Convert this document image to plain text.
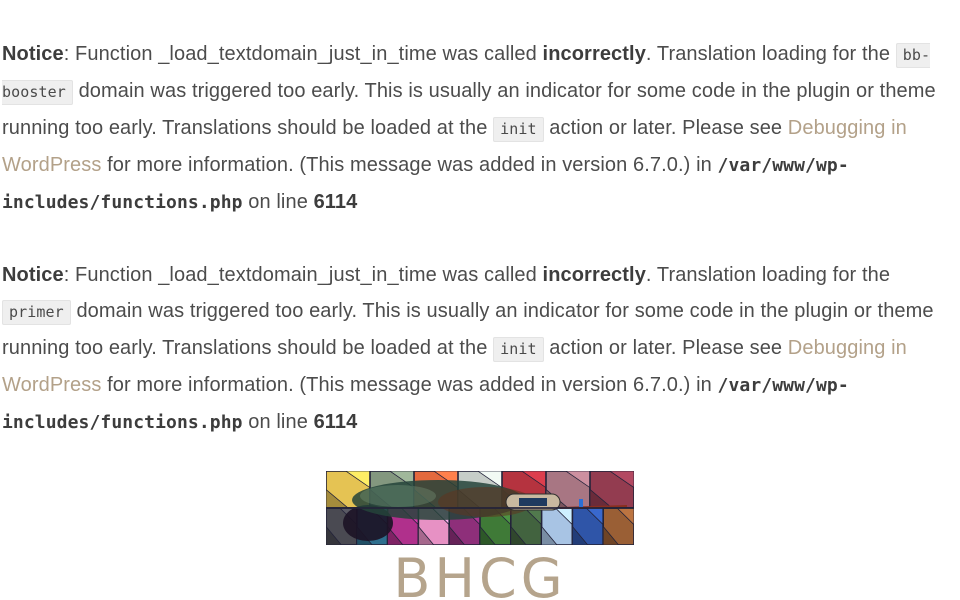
Notice: Function _load_textdomain_just_in_time was called incorrectly. Translation loading for the bb-booster domain was triggered too early. This is usually an indicator for some code in the plugin or theme running too early. Translations should be loaded at the init action or later. Please see Debugging in WordPress for more information. (This message was added in version 6.7.0.) in /var/www/wp-includes/functions.php on line 6114

Notice: Function _load_textdomain_just_in_time was called incorrectly. Translation loading for the primer domain was triggered too early. This is usually an indicator for some code in the plugin or theme running too early. Translations should be loaded at the init action or later. Please see Debugging in WordPress for more information. (This message was added in version 6.7.0.) in /var/www/wp-includes/functions.php on line 6114

BHCG
